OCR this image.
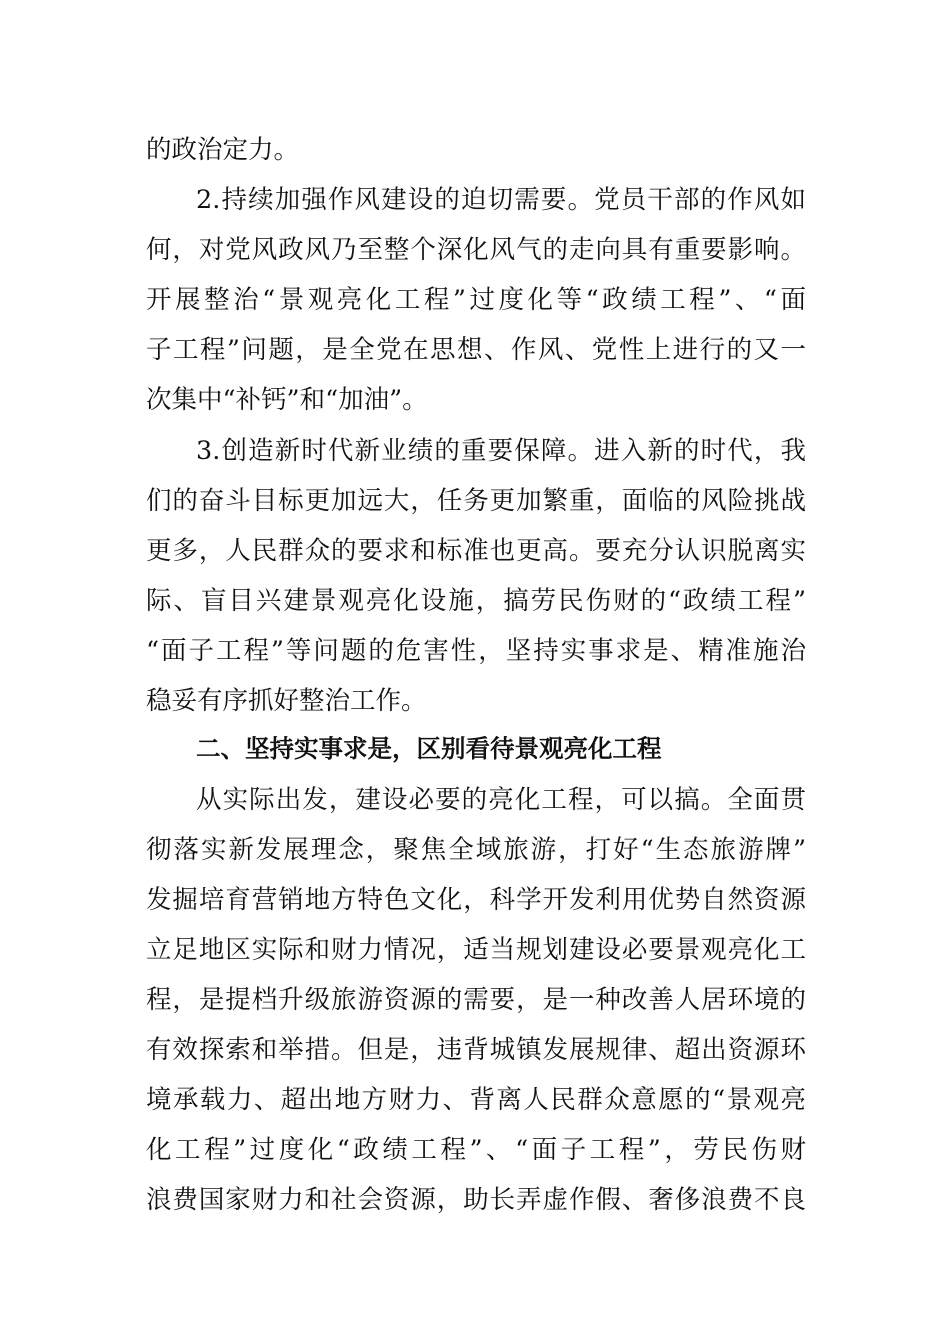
的政治定力。
2.持续加强作风建设的迫切需要。党员干部的作风如
何，对党风政风乃至整个深化风气的走向具有重要影响。
开展整治“景观亮化工程”过度化等“政绩工程”、“面
子工程”问题，是全党在思想、作风、党性上进行的又一
次集中“补钙”和“加油”。
3.创造新时代新业绩的重要保障。进入新的时代，我
们的奋斗目标更加远大，任务更加繁重，面临的风险挑战
更多，人民群众的要求和标准也更高。要充分认识脱离实
际、盲目兴建景观亮化设施，搞劳民伤财的“政绩工程”
“面子工程”等问题的危害性，坚持实事求是、精准施治
稳妥有序抓好整治工作。
二、坚持实事求是，区别看待景观亮化工程
从实际出发，建设必要的亮化工程，可以搞。全面贯
彻落实新发展理念，聚焦全域旅游，打好“生态旅游牌”
发掘培育营销地方特色文化，科学开发利用优势自然资源
立足地区实际和财力情况，适当规划建设必要景观亮化工
程，是提档升级旅游资源的需要，是一种改善人居环境的
有效探索和举措。但是，违背城镇发展规律、超出资源环
境承载力、超出地方财力、背离人民群众意愿的“景观亮
化工程”过度化“政绩工程”、“面子工程”，劳民伤财
浪费国家财力和社会资源，助长弄虚作假、奢侈浪费不良
